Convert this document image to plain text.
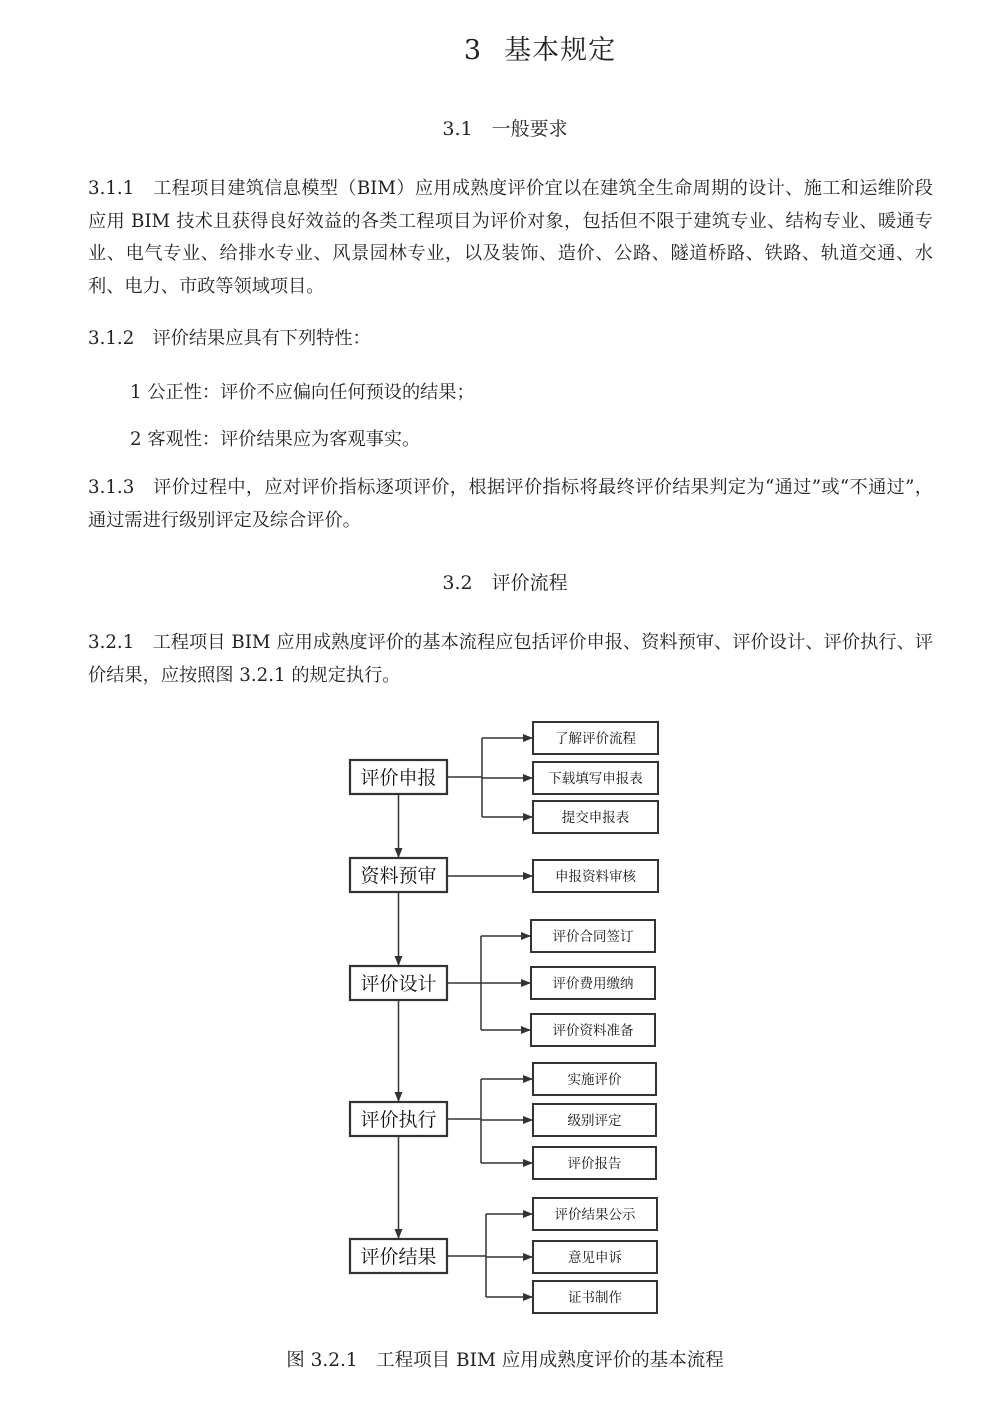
3 基本规定
3.1　一般要求
3.1.1　工程项目建筑信息模型（BIM）应用成熟度评价宜以在建筑全生命周期的设计、施工和运维阶段应用 BIM 技术且获得良好效益的各类工程项目为评价对象，包括但不限于建筑专业、结构专业、暖通专业、电气专业、给排水专业、风景园林专业，以及装饰、造价、公路、隧道桥路、铁路、轨道交通、水利、电力、市政等领域项目。
3.1.2　评价结果应具有下列特性：
1 公正性：评价不应偏向任何预设的结果；
2 客观性：评价结果应为客观事实。
3.1.3　评价过程中，应对评价指标逐项评价，根据评价指标将最终评价结果判定为“通过”或“不通过”，通过需进行级别评定及综合评价。
3.2　评价流程
3.2.1　工程项目 BIM 应用成熟度评价的基本流程应包括评价申报、资料预审、评价设计、评价执行、评价结果，应按照图 3.2.1 的规定执行。
评价申报
了解评价流程
下载填写申报表
提交申报表
资料预审	申报资料审核
评价设计
评价合同签订
评价费用缴纳
评价资料准备
评价执行
实施评价
级别评定
评价报告
评价结果
评价结果公示
意见申诉
证书制作
图 3.2.1　工程项目 BIM 应用成熟度评价的基本流程
